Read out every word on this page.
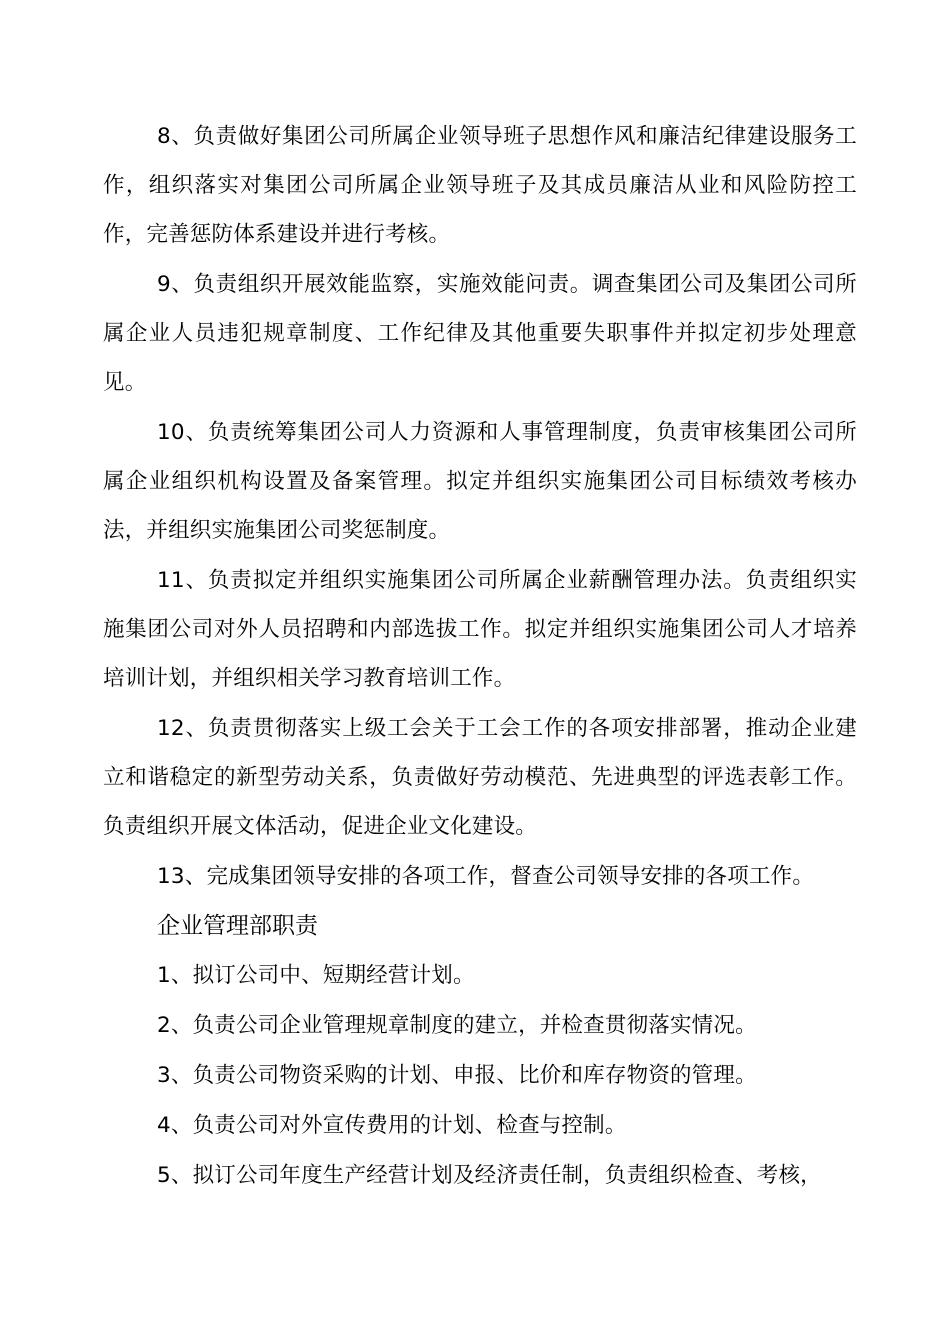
8、负责做好集团公司所属企业领导班子思想作风和廉洁纪律建设服务工作，组织落实对集团公司所属企业领导班子及其成员廉洁从业和风险防控工作，完善惩防体系建设并进行考核。

9、负责组织开展效能监察，实施效能问责。调查集团公司及集团公司所属企业人员违犯规章制度、工作纪律及其他重要失职事件并拟定初步处理意见。

10、负责统筹集团公司人力资源和人事管理制度，负责审核集团公司所属企业组织机构设置及备案管理。拟定并组织实施集团公司目标绩效考核办法，并组织实施集团公司奖惩制度。

11、负责拟定并组织实施集团公司所属企业薪酬管理办法。负责组织实施集团公司对外人员招聘和内部选拔工作。拟定并组织实施集团公司人才培养培训计划，并组织相关学习教育培训工作。

12、负责贯彻落实上级工会关于工会工作的各项安排部署，推动企业建立和谐稳定的新型劳动关系，负责做好劳动模范、先进典型的评选表彰工作。负责组织开展文体活动，促进企业文化建设。

13、完成集团领导安排的各项工作，督查公司领导安排的各项工作。

企业管理部职责

1、拟订公司中、短期经营计划。

2、负责公司企业管理规章制度的建立，并检查贯彻落实情况。

3、负责公司物资采购的计划、申报、比价和库存物资的管理。

4、负责公司对外宣传费用的计划、检查与控制。

5、拟订公司年度生产经营计划及经济责任制，负责组织检查、考核，
